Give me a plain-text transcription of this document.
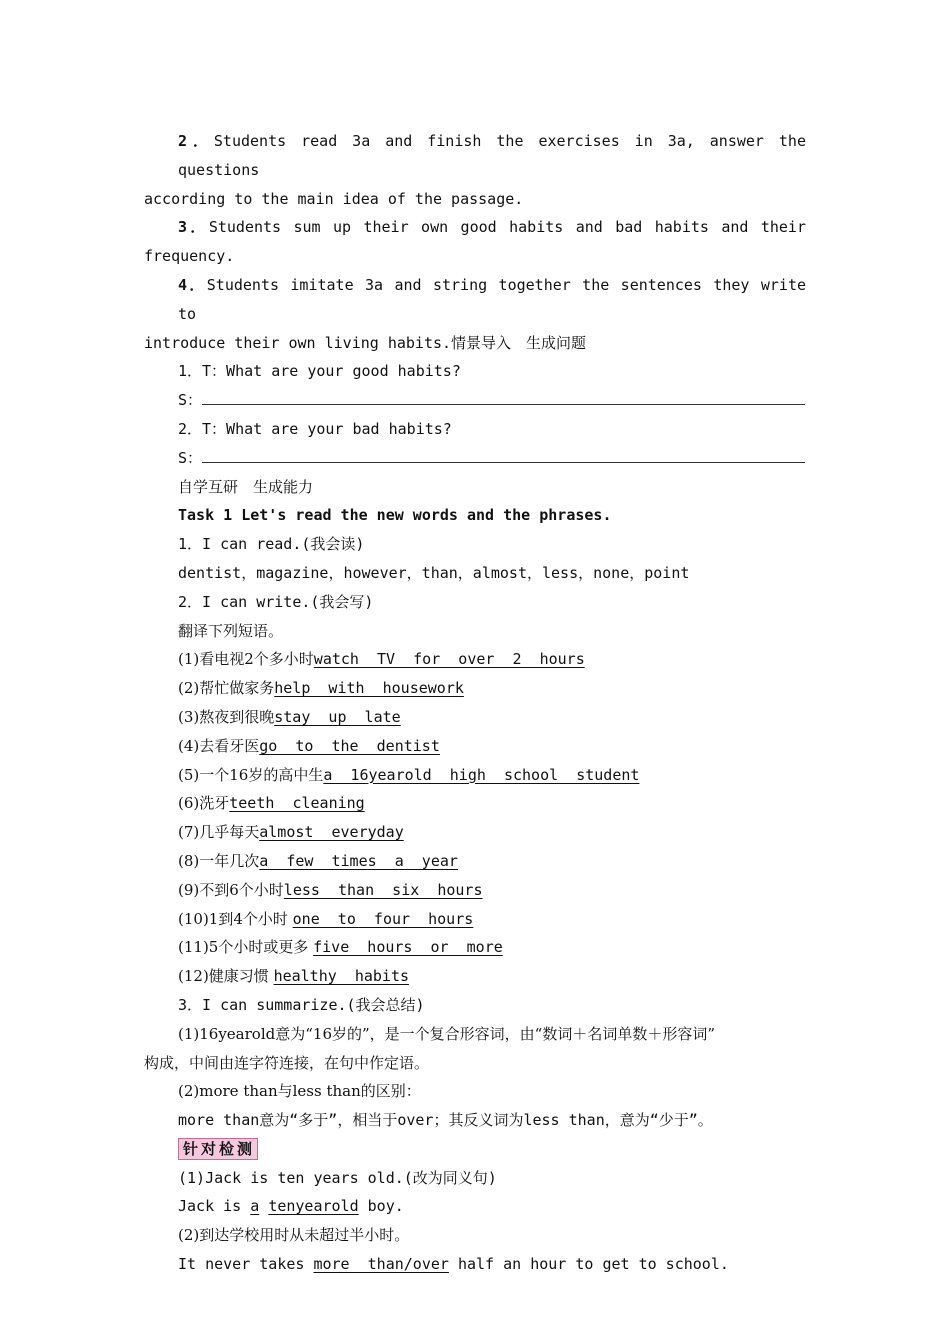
2．Students read 3a and finish the exercises in 3a, answer the questions

according to the main idea of the passage.

3．Students sum up their own good habits and bad habits and their

frequency.

4．Students imitate 3a and string together the sentences they write to

introduce their own living habits.情景导入　生成问题

1．T：What are your good habits?

S：

2．T：What are your bad habits?

S：

自学互研　生成能力

Task 1 Let's read the new words and the phrases.

1．I can read.(我会读)

dentist，magazine，however，than，almost，less，none，point

2．I can write.(我会写)

翻译下列短语。

(1)看电视2个多小时watch  TV  for  over  2  hours

(2)帮忙做家务help  with  housework

(3)熬夜到很晚stay  up  late

(4)去看牙医go  to  the  dentist

(5)一个16岁的高中生a  16yearold  high  school  student

(6)洗牙teeth  cleaning

(7)几乎每天almost  everyday

(8)一年几次a  few  times  a  year

(9)不到6个小时less  than  six  hours

(10)1到4个小时 one  to  four  hours

(11)5个小时或更多 five  hours  or  more

(12)健康习惯 healthy  habits

3．I can summarize.(我会总结)

(1)16yearold意为“16岁的”，是一个复合形容词，由“数词＋名词单数＋形容词”

构成，中间由连字符连接，在句中作定语。

(2)more than与less than的区别：

more than意为“多于”，相当于over；其反义词为less than，意为“少于”。

针对检测

(1)Jack is ten years old.(改为同义句)

Jack is a tenyearold boy.

(2)到达学校用时从未超过半小时。

It never takes more  than/over half an hour to get to school.
